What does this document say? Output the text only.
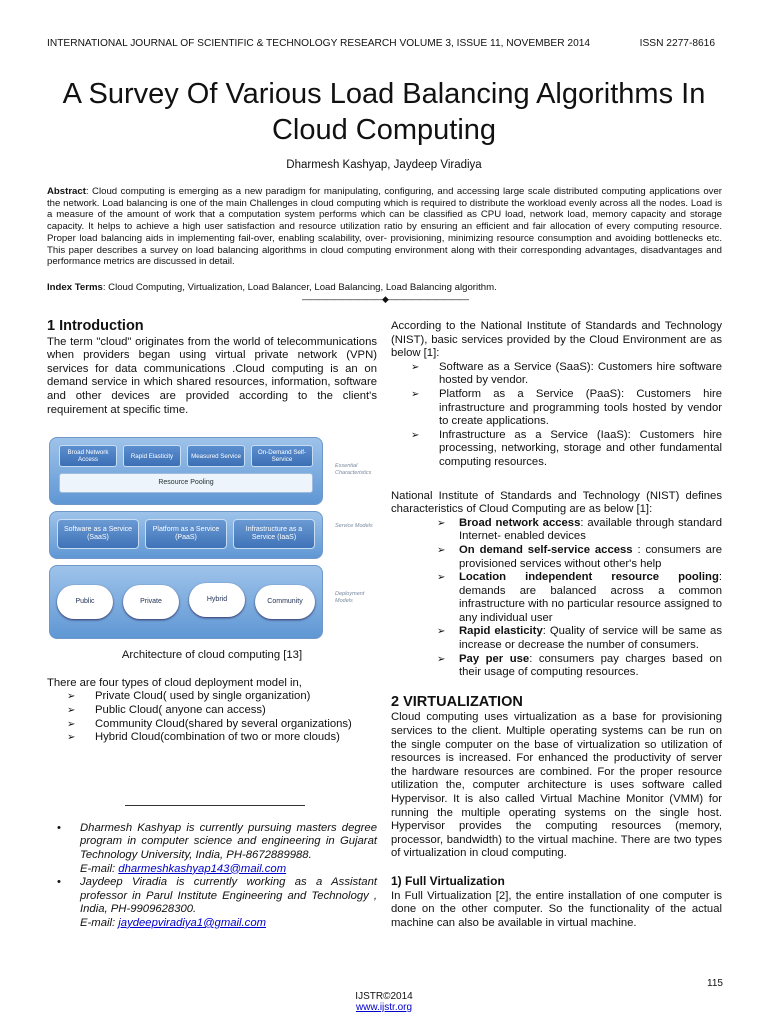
INTERNATIONAL JOURNAL OF SCIENTIFIC & TECHNOLOGY RESEARCH VOLUME 3, ISSUE 11, NOVEMBER 2014	ISSN 2277-8616
A Survey Of Various Load Balancing Algorithms In
Cloud Computing
Dharmesh Kashyap, Jaydeep Viradiya
Abstract: Cloud computing is emerging as a new paradigm for manipulating, configuring, and accessing large scale distributed computing applications over the network. Load balancing is one of the main Challenges in cloud computing which is required to distribute the workload evenly across all the nodes. Load is a measure of the amount of work that a computation system performs which can be classified as CPU load, network load, memory capacity and storage capacity. It helps to achieve a high user satisfaction and resource utilization ratio by ensuring an efficient and fair allocation of every computing resource. Proper load balancing aids in implementing fail-over, enabling scalability, over- provisioning, minimizing resource consumption and avoiding bottlenecks etc. This paper describes a survey on load balancing algorithms in cloud computing environment along with their corresponding advantages, disadvantages and performance metrics are discussed in detail.
Index Terms: Cloud Computing, Virtualization, Load Balancer, Load Balancing, Load Balancing algorithm.
——————————◆——————————
1 Introduction

The term "cloud" originates from the world of telecommunications when providers began using virtual private network (VPN) services for data communications .Cloud computing is an on demand service in which shared resources, information, software and other devices are provided according to the client's requirement at specific time.

Broad Network Access	Rapid Elasticity	Measured Service	On-Demand Self-Service
Resource Pooling
Software as a Service (SaaS)
Platform as a Service (PaaS)
Infrastructure as a Service (IaaS)
Public	Private	Hybrid	Community
Essential Characteristics
Service Models
Deployment Models
Architecture of cloud computing [13]

There are four types of cloud deployment model in,

➢ Private Cloud( used by single organization)
➢ Public Cloud( anyone can access)
➢ Community Cloud(shared by several organizations)
➢ Hybrid Cloud(combination of two or more clouds)
• Dharmesh Kashyap is currently pursuing masters degree program in computer science and engineering in Gujarat Technology University, India, PH-8672889988.
E-mail: dharmeshkashyap143@mail.com
• Jaydeep Viradia is currently working as a Assistant professor in Parul Institute Engineering and Technology , India, PH-9909628300.
E-mail: jaydeepviradiya1@gmail.com

According to the National Institute of Standards and Technology (NIST), basic services provided by the Cloud Environment are as below [1]:

➢ Software as a Service (SaaS): Customers hire software hosted by vendor.
➢ Platform as a Service (PaaS): Customers hire infrastructure and programming tools hosted by vendor to create applications.
➢ Infrastructure as a Service (IaaS): Customers hire processing, networking, storage and other fundamental computing resources.

National Institute of Standards and Technology (NIST) defines characteristics of Cloud Computing are as below [1]:

➢ Broad network access: available through standard Internet- enabled devices
➢ On demand self-service access : consumers are provisioned services without other's help
➢ Location independent resource pooling: demands are balanced across a common infrastructure with no particular resource assigned to any individual user
➢ Rapid elasticity: Quality of service will be same as increase or decrease the number of consumers.
➢ Pay per use: consumers pay charges based on their usage of computing resources.
2 VIRTUALIZATION

Cloud computing uses virtualization as a base for provisioning services to the client. Multiple operating systems can be run on the single computer on the base of virtualization so utilization of resources is increased. For enhanced the productivity of server the hardware resources are combined. For the proper resource utilization the, computer architecture is uses software called Hypervisor. It is also called Virtual Machine Monitor (VMM) for running the multiple operating systems on the single host. Hypervisor provides the computing resources (memory, processor, bandwidth) to the virtual machine. There are two types of virtualization in cloud computing.

1) Full Virtualization

In Full Virtualization [2], the entire installation of one computer is done on the other computer. So the functionality of the actual machine can also be available in virtual machine.

115
IJSTR©2014
www.ijstr.org
